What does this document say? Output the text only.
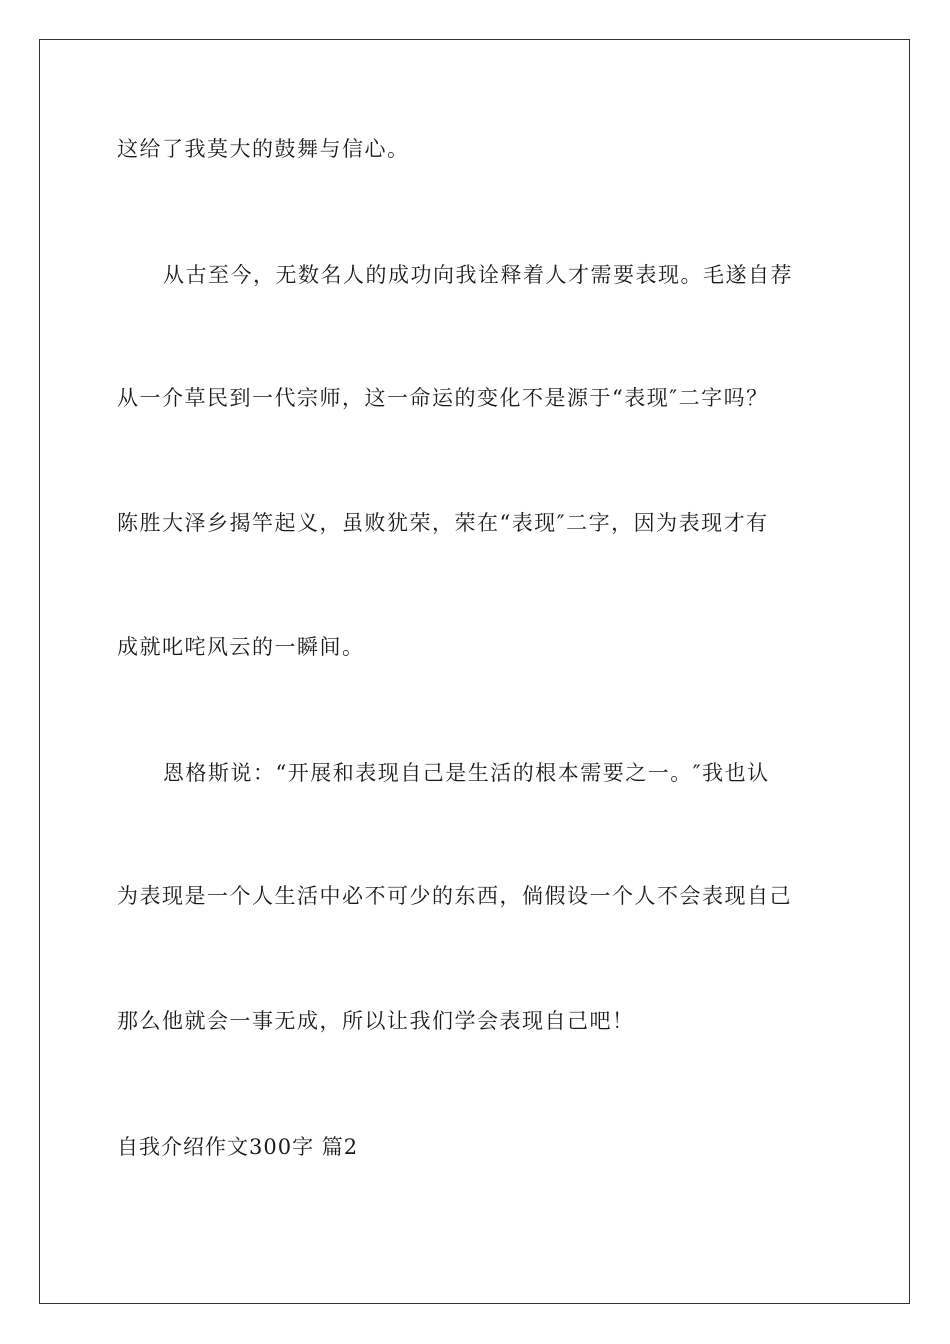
这给了我莫大的鼓舞与信心。
从古至今，无数名人的成功向我诠释着人才需要表现。毛遂自荐
从一介草民到一代宗师，这一命运的变化不是源于“表现″二字吗？
陈胜大泽乡揭竿起义，虽败犹荣，荣在“表现″二字，因为表现才有
成就叱咤风云的一瞬间。
恩格斯说：“开展和表现自己是生活的根本需要之一。″我也认
为表现是一个人生活中必不可少的东西，倘假设一个人不会表现自己
那么他就会一事无成，所以让我们学会表现自己吧！
自我介绍作文300字 篇2
